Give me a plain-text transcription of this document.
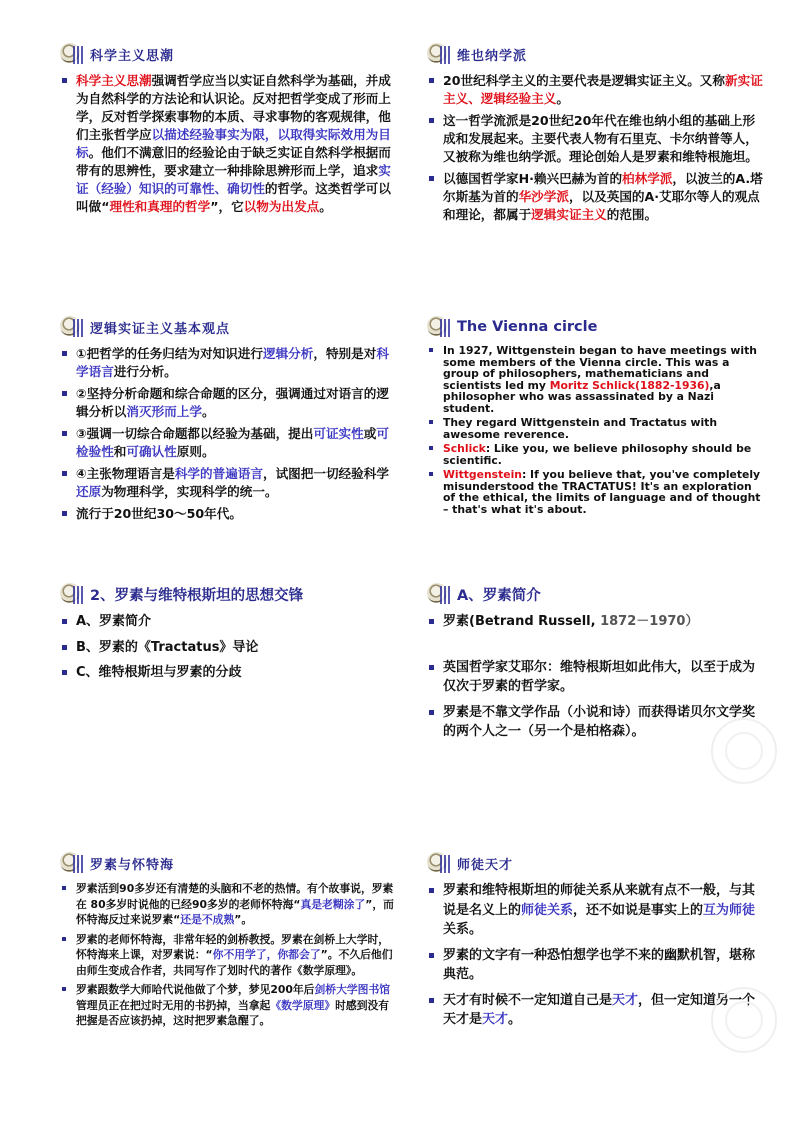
科学主义思潮
科学主义思潮强调哲学应当以实证自然科学为基础，并成为自然科学的方法论和认识论。反对把哲学变成了形而上学，反对哲学探索事物的本质、寻求事物的客观规律，他们主张哲学应以描述经验事实为限，以取得实际效用为目标。他们不满意旧的经验论由于缺乏实证自然科学根据而带有的思辨性，要求建立一种排除思辨形而上学，追求实证（经验）知识的可靠性、确切性的哲学。这类哲学可以叫做“理性和真理的哲学”，它以物为出发点。
维也纳学派
20世纪科学主义的主要代表是逻辑实证主义。又称新实证主义、逻辑经验主义。
这一哲学流派是20世纪20年代在维也纳小组的基础上形成和发展起来。主要代表人物有石里克、卡尔纳普等人，又被称为维也纳学派。理论创始人是罗素和维特根施坦。
以德国哲学家H·赖兴巴赫为首的柏林学派，以波兰的A.塔尔斯基为首的华沙学派，以及英国的A·艾耶尔等人的观点和理论，都属于逻辑实证主义的范围。
逻辑实证主义基本观点
①把哲学的任务归结为对知识进行逻辑分析，特别是对科学语言进行分析。
②坚持分析命题和综合命题的区分，强调通过对语言的逻辑分析以消灭形而上学。
③强调一切综合命题都以经验为基础，提出可证实性或可检验性和可确认性原则。
④主张物理语言是科学的普遍语言，试图把一切经验科学还原为物理科学，实现科学的统一。
流行于20世纪30～50年代。
The Vienna circle
In 1927, Wittgenstein began to have meetings with some members of the Vienna circle. This was a group of philosophers, mathematicians and scientists led my Moritz Schlick(1882-1936),a philosopher who was assassinated by a Nazi student.
They regard Wittgenstein and Tractatus with awesome reverence.
Schlick: Like you, we believe philosophy should be scientific.
Wittgenstein: If you believe that, you've completely misunderstood the TRACTATUS! It's an exploration of the ethical, the limits of language and of thought – that's what it's about.
2、罗素与维特根斯坦的思想交锋
A、罗素简介
B、罗素的《Tractatus》导论
C、维特根斯坦与罗素的分歧
A、罗素简介
罗素(Betrand Russell, 1872－1970）
英国哲学家艾耶尔：维特根斯坦如此伟大，以至于成为仅次于罗素的哲学家。
罗素是不靠文学作品（小说和诗）而获得诺贝尔文学奖的两个人之一（另一个是柏格森）。
罗素与怀特海
罗素活到90多岁还有清楚的头脑和不老的热情。有个故事说，罗素在 80多岁时说他的已经90多岁的老师怀特海“真是老糊涂了”，而怀特海反过来说罗素“还是不成熟”。
罗素的老师怀特海，非常年轻的剑桥教授。罗素在剑桥上大学时，怀特海来上课，对罗素说：“你不用学了，你都会了”。不久后他们由师生变成合作者，共同写作了划时代的著作《数学原理》。
罗素跟数学大师哈代说他做了个梦，梦见200年后剑桥大学图书馆管理员正在把过时无用的书扔掉，当拿起《数学原理》时感到没有把握是否应该扔掉，这时把罗素急醒了。
师徒天才
罗素和维特根斯坦的师徒关系从来就有点不一般，与其说是名义上的师徒关系，还不如说是事实上的互为师徒关系。
罗素的文字有一种恐怕想学也学不来的幽默机智，堪称典范。
天才有时候不一定知道自己是天才，但一定知道另一个天才是天才。
